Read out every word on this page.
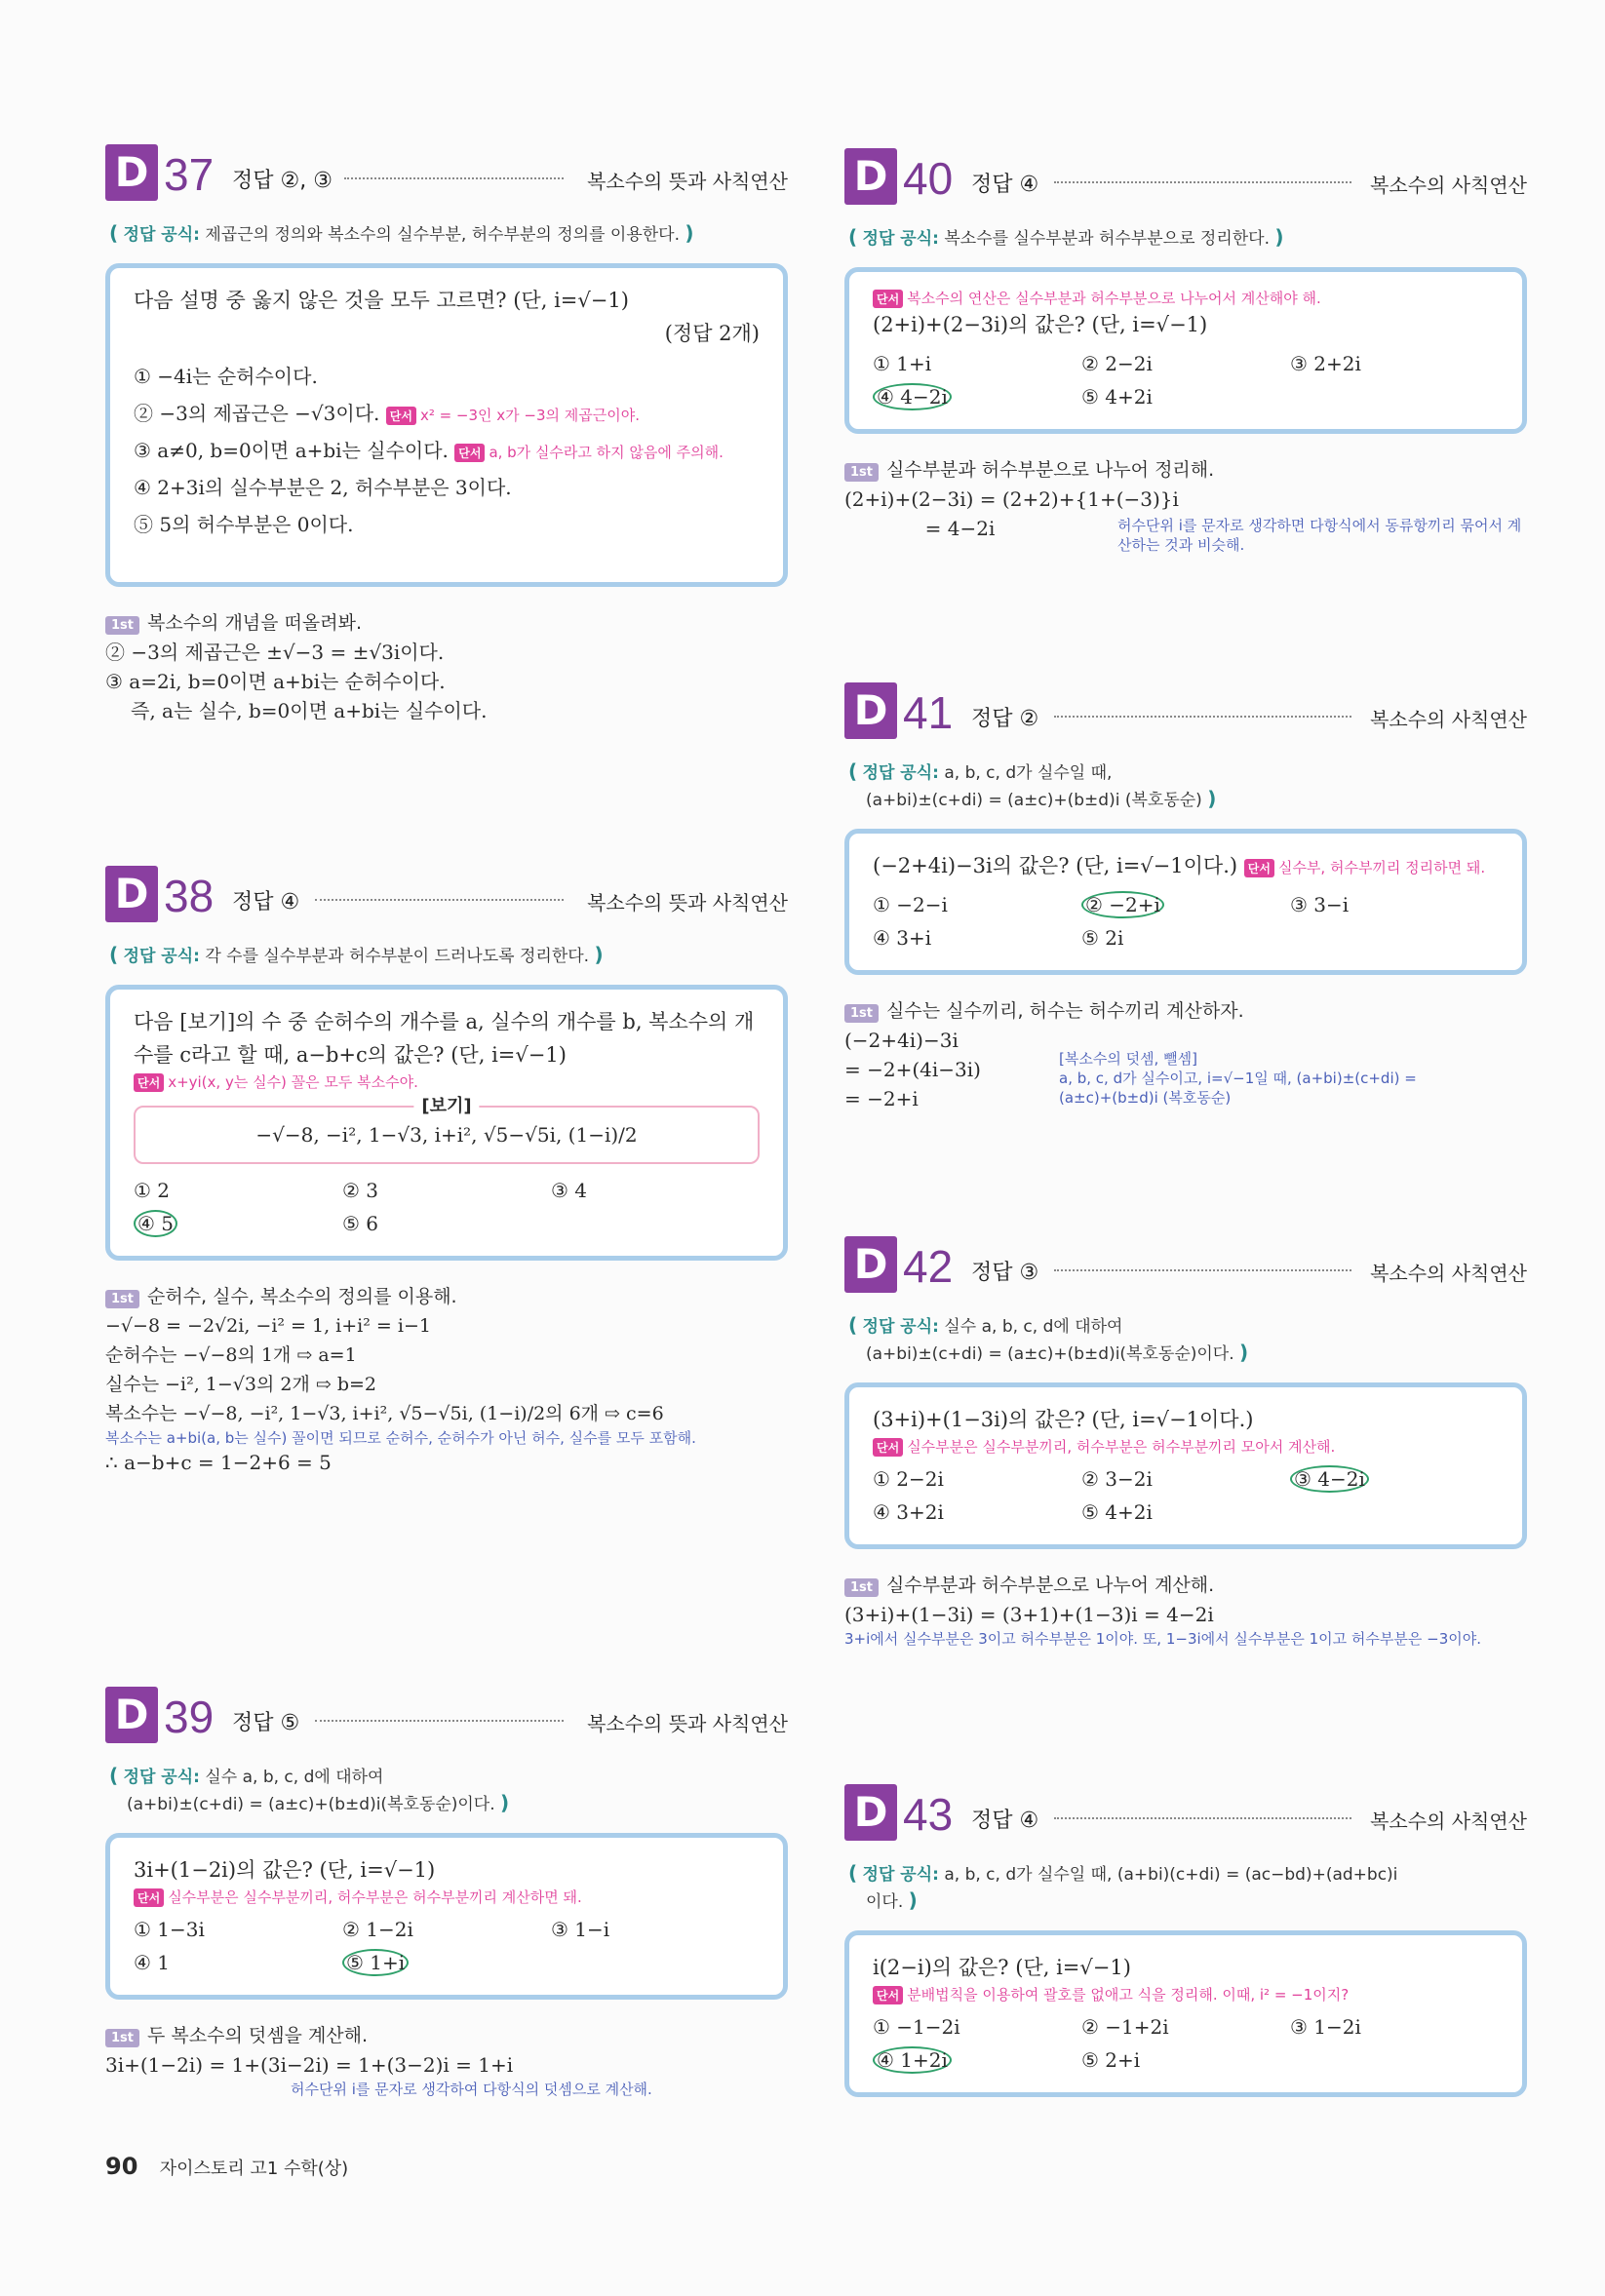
D 37 정답 ②, ③	복소수의 뜻과 사칙연산
( 정답 공식: 제곱근의 정의와 복소수의 실수부분, 허수부분의 정의를 이용한다. )
다음 설명 중 옳지 않은 것을 모두 고르면? (단, i=√−1)
(정답 2개)
① −4i는 순허수이다.
② −3의 제곱근은 −√3이다. 단서 x² = −3인 x가 −3의 제곱근이야.
③ a≠0, b=0이면 a+bi는 실수이다. 단서 a, b가 실수라고 하지 않음에 주의해.
④ 2+3i의 실수부분은 2, 허수부분은 3이다.
⑤ 5의 허수부분은 0이다.
1st 복소수의 개념을 떠올려봐.
② −3의 제곱근은 ±√−3 = ±√3i이다.
③ a=2i, b=0이면 a+bi는 순허수이다.
즉, a는 실수, b=0이면 a+bi는 실수이다.
D 38 정답 ④	복소수의 뜻과 사칙연산
( 정답 공식: 각 수를 실수부분과 허수부분이 드러나도록 정리한다. )
다음 [보기]의 수 중 순허수의 개수를 a, 실수의 개수를 b, 복소수의 개수를 c라고 할 때, a−b+c의 값은? (단, i=√−1)
단서 x+yi(x, y는 실수) 꼴은 모두 복소수야.
[보기]
−√−8, −i², 1−√3, i+i², √5−√5i, (1−i)/2
① 2	② 3	③ 4
④ 5	⑤ 6
1st 순허수, 실수, 복소수의 정의를 이용해.
−√−8 = −2√2i, −i² = 1, i+i² = i−1
순허수는 −√−8의 1개 ⇨ a=1
실수는 −i², 1−√3의 2개 ⇨ b=2
복소수는 −√−8, −i², 1−√3, i+i², √5−√5i, (1−i)/2의 6개 ⇨ c=6
복소수는 a+bi(a, b는 실수) 꼴이면 되므로 순허수, 순허수가 아닌 허수, 실수를 모두 포함해.
∴ a−b+c = 1−2+6 = 5
D 39 정답 ⑤	복소수의 뜻과 사칙연산
( 정답 공식: 실수 a, b, c, d에 대하여
(a+bi)±(c+di) = (a±c)+(b±d)i(복호동순)이다. )
3i+(1−2i)의 값은? (단, i=√−1)
단서 실수부분은 실수부분끼리, 허수부분은 허수부분끼리 계산하면 돼.
① 1−3i	② 1−2i	③ 1−i
④ 1	⑤ 1+i
1st 두 복소수의 덧셈을 계산해.
3i+(1−2i) = 1+(3i−2i) = 1+(3−2)i = 1+i
허수단위 i를 문자로 생각하여 다항식의 덧셈으로 계산해.
D 40 정답 ④	복소수의 사칙연산
( 정답 공식: 복소수를 실수부분과 허수부분으로 정리한다. )
단서 복소수의 연산은 실수부분과 허수부분으로 나누어서 계산해야 해.
(2+i)+(2−3i)의 값은? (단, i=√−1)
① 1+i	② 2−2i	③ 2+2i
④ 4−2i	⑤ 4+2i
1st 실수부분과 허수부분으로 나누어 정리해.
(2+i)+(2−3i) = (2+2)+{1+(−3)}i
= 4−2i	허수단위 i를 문자로 생각하면 다항식에서 동류항끼리 묶어서 계산하는 것과 비슷해.
D 41 정답 ②	복소수의 사칙연산
( 정답 공식: a, b, c, d가 실수일 때,
(a+bi)±(c+di) = (a±c)+(b±d)i (복호동순) )
(−2+4i)−3i의 값은? (단, i=√−1이다.) 단서 실수부, 허수부끼리 정리하면 돼.
① −2−i	② −2+i	③ 3−i
④ 3+i	⑤ 2i
1st 실수는 실수끼리, 허수는 허수끼리 계산하자.
(−2+4i)−3i
= −2+(4i−3i)
= −2+i
[복소수의 덧셈, 뺄셈]
a, b, c, d가 실수이고, i=√−1일 때, (a+bi)±(c+di) = (a±c)+(b±d)i (복호동순)
D 42 정답 ③	복소수의 사칙연산
( 정답 공식: 실수 a, b, c, d에 대하여
(a+bi)±(c+di) = (a±c)+(b±d)i(복호동순)이다. )
(3+i)+(1−3i)의 값은? (단, i=√−1이다.)
단서 실수부분은 실수부분끼리, 허수부분은 허수부분끼리 모아서 계산해.
① 2−2i	② 3−2i	③ 4−2i
④ 3+2i	⑤ 4+2i
1st 실수부분과 허수부분으로 나누어 계산해.
(3+i)+(1−3i) = (3+1)+(1−3)i = 4−2i
3+i에서 실수부분은 3이고 허수부분은 1이야. 또, 1−3i에서 실수부분은 1이고 허수부분은 −3이야.
D 43 정답 ④	복소수의 사칙연산
( 정답 공식: a, b, c, d가 실수일 때, (a+bi)(c+di) = (ac−bd)+(ad+bc)i
이다. )
i(2−i)의 값은? (단, i=√−1)
단서 분배법칙을 이용하여 괄호를 없애고 식을 정리해. 이때, i² = −1이지?
① −1−2i	② −1+2i	③ 1−2i
④ 1+2i	⑤ 2+i
90 자이스토리 고1 수학(상)
